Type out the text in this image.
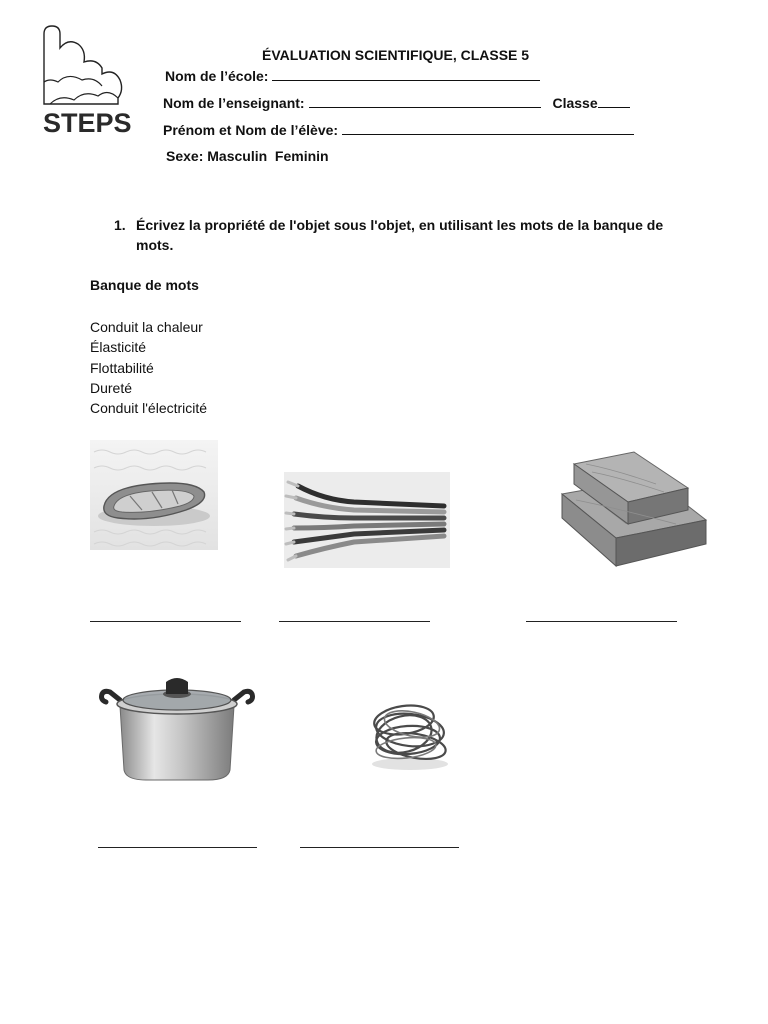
STEPS
ÉVALUATION SCIENTIFIQUE, CLASSE 5
Nom de l’école:
Nom de l’enseignant:	Classe
Prénom et Nom de l’élève:
Sexe: Masculin  Feminin
1. Écrivez la propriété de l'objet sous l'objet, en utilisant les mots de la banque de mots.
Banque de mots
Conduit la chaleur
Élasticité
Flottabilité
Dureté
Conduit l'électricité
